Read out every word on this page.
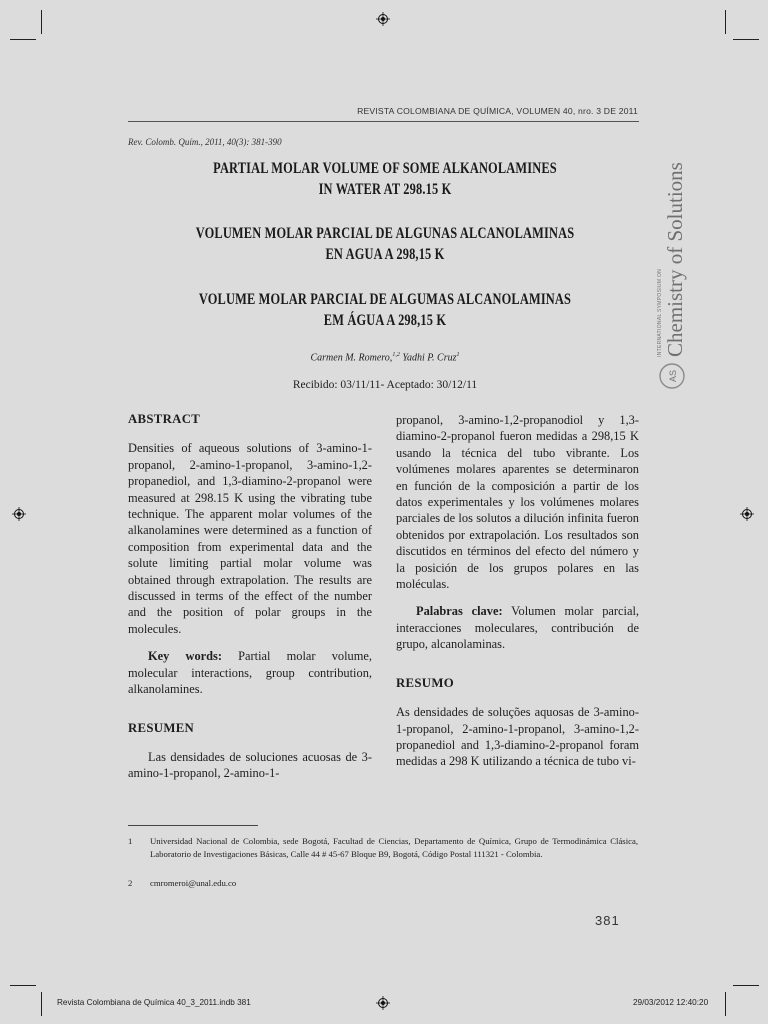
REVISTA COLOMBIANA DE QUÍMICA, VOLUMEN 40, nro. 3 DE 2011
Rev. Colomb. Quím., 2011, 40(3): 381-390
Chemistry of Solutions
INTERNATIONAL SYMPOSIUM ON
AS
PARTIAL MOLAR VOLUME OF SOME ALKANOLAMINES
IN WATER AT 298.15 K
VOLUMEN MOLAR PARCIAL DE ALGUNAS ALCANOLAMINAS
EN AGUA A 298,15 K
VOLUME MOLAR PARCIAL DE ALGUMAS ALCANOLAMINAS
EM ÁGUA A 298,15 K
Carmen M. Romero,$^{1,2}$ Yadhi P. Cruz$^1$
Recibido: 03/11/11- Aceptado: 30/12/11

ABSTRACT

Densities of aqueous solutions of 3-amino-1-propanol, 2-amino-1-propanol, 3-amino-1,2-propanediol, and 1,3-diamino-2-propanol were measured at 298.15 K using the vibrating tube technique. The apparent molar volumes of the alkanolamines were determined as a function of composition from experimental data and the solute limiting partial molar volume was obtained through extrapolation. The results are discussed in terms of the effect of the number and the position of polar groups in the molecules.

Key words: Partial molar volume, molecular interactions, group contribution, alkanolamines.

RESUMEN

Las densidades de soluciones acuosas de 3-amino-1-propanol, 2-amino-1-

propanol, 3-amino-1,2-propanodiol y 1,3-diamino-2-propanol fueron medidas a 298,15 K usando la técnica del tubo vibrante. Los volúmenes molares aparentes se determinaron en función de la composición a partir de los datos experimentales y los volúmenes molares parciales de los solutos a dilución infinita fueron obtenidos por extrapolación. Los resultados son discutidos en términos del efecto del número y la posición de los grupos polares en las moléculas.

Palabras clave: Volumen molar parcial, interacciones moleculares, contribución de grupo, alcanolaminas.

RESUMO

As densidades de soluções aquosas de 3-amino-1-propanol, 2-amino-1-propanol, 3-amino-1,2-propanediol and 1,3-diamino-2-propanol foram medidas a 298 K utilizando a técnica de tubo vi-

1 Universidad Nacional de Colombia, sede Bogotá, Facultad de Ciencias, Departamento de Química, Grupo de Termodinámica Clásica, Laboratorio de Investigaciones Básicas, Calle 44 # 45-67 Bloque B9, Bogotá, Código Postal 111321 - Colombia.
2 cmromeroi@unal.edu.co
381
Revista Colombiana de Química 40_3_2011.indb 381	29/03/2012 12:40:20
